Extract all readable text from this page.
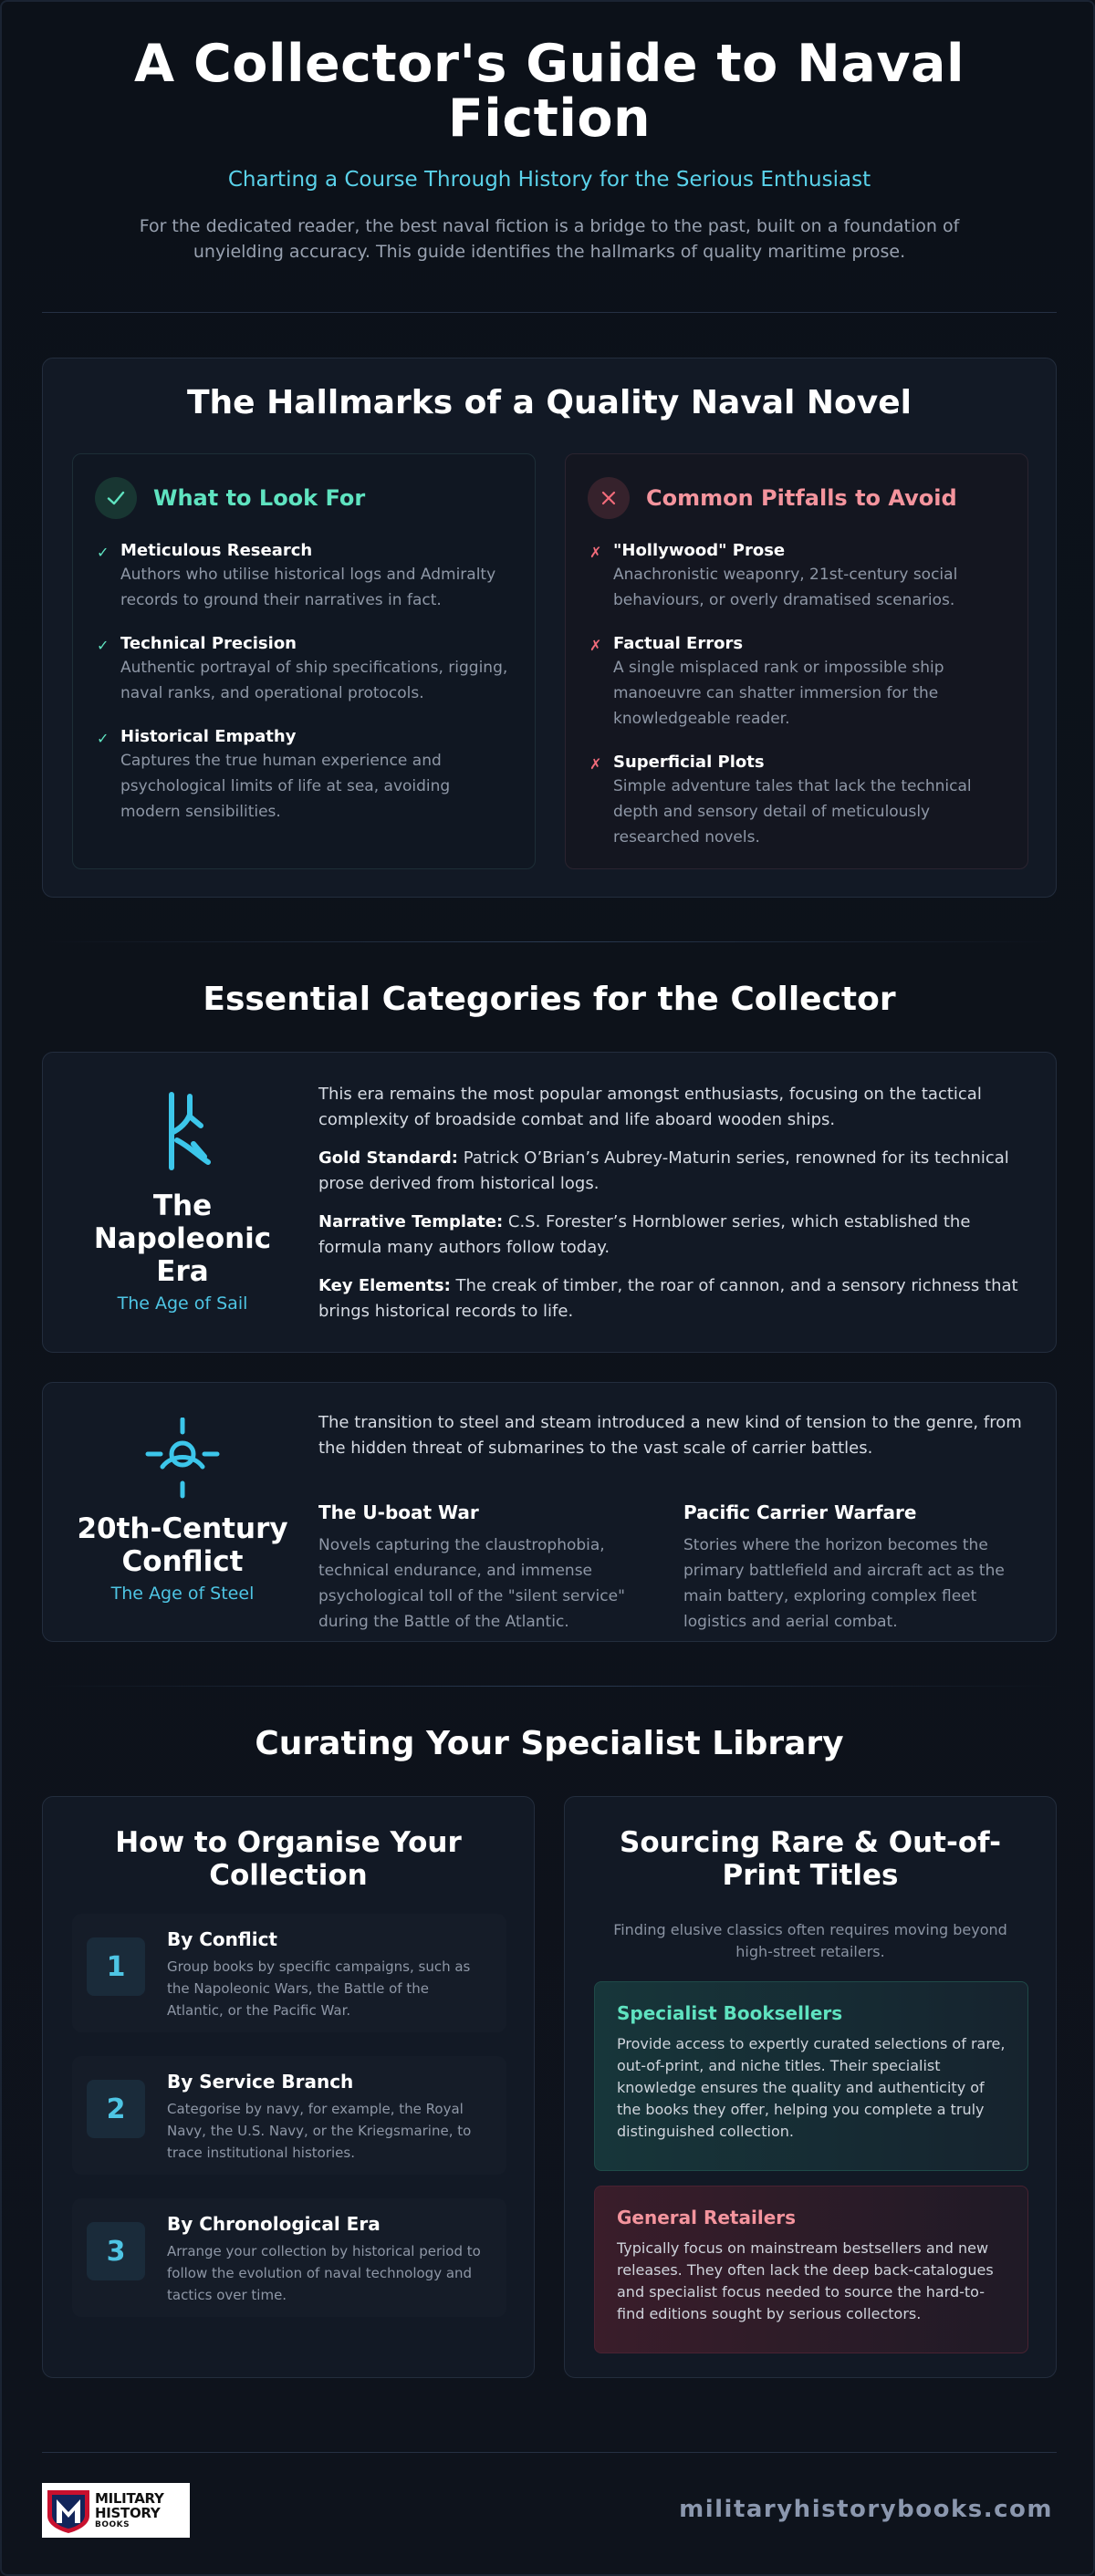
A Collector's Guide to Naval Fiction
Charting a Course Through History for the Serious Enthusiast
For the dedicated reader, the best naval fiction is a bridge to the past, built on a foundation of unyielding accuracy. This guide identifies the hallmarks of quality maritime prose.
The Hallmarks of a Quality Naval Novel
What to Look For
✓ Meticulous Research
Authors who utilise historical logs and Admiralty records to ground their narratives in fact.
✓ Technical Precision
Authentic portrayal of ship specifications, rigging, naval ranks, and operational protocols.
✓ Historical Empathy
Captures the true human experience and psychological limits of life at sea, avoiding modern sensibilities.
Common Pitfalls to Avoid
✗ "Hollywood" Prose
Anachronistic weaponry, 21st-century social behaviours, or overly dramatised scenarios.
✗ Factual Errors
A single misplaced rank or impossible ship manoeuvre can shatter immersion for the knowledgeable reader.
✗ Superficial Plots
Simple adventure tales that lack the technical depth and sensory detail of meticulously researched novels.
Essential Categories for the Collector
The Napoleonic Era
The Age of Sail
This era remains the most popular amongst enthusiasts, focusing on the tactical complexity of broadside combat and life aboard wooden ships.
Gold Standard: Patrick O’Brian’s Aubrey-Maturin series, renowned for its technical prose derived from historical logs.
Narrative Template: C.S. Forester’s Hornblower series, which established the formula many authors follow today.
Key Elements: The creak of timber, the roar of cannon, and a sensory richness that brings historical records to life.
20th-Century Conflict
The Age of Steel
The transition to steel and steam introduced a new kind of tension to the genre, from the hidden threat of submarines to the vast scale of carrier battles.
The U-boat War
Novels capturing the claustrophobia, technical endurance, and immense psychological toll of the "silent service" during the Battle of the Atlantic.
Pacific Carrier Warfare
Stories where the horizon becomes the primary battlefield and aircraft act as the main battery, exploring complex fleet logistics and aerial combat.
Curating Your Specialist Library
How to Organise Your Collection
1
By Conflict
Group books by specific campaigns, such as the Napoleonic Wars, the Battle of the Atlantic, or the Pacific War.
2
By Service Branch
Categorise by navy, for example, the Royal Navy, the U.S. Navy, or the Kriegsmarine, to trace institutional histories.
3
By Chronological Era
Arrange your collection by historical period to follow the evolution of naval technology and tactics over time.
Sourcing Rare & Out-of-Print Titles
Finding elusive classics often requires moving beyond high-street retailers.
Specialist Booksellers
Provide access to expertly curated selections of rare, out-of-print, and niche titles. Their specialist knowledge ensures the quality and authenticity of the books they offer, helping you complete a truly distinguished collection.
General Retailers
Typically focus on mainstream bestsellers and new releases. They often lack the deep back-catalogues and specialist focus needed to source the hard-to-find editions sought by serious collectors.
MILITARY
HISTORY
BOOKS
militaryhistorybooks.com
